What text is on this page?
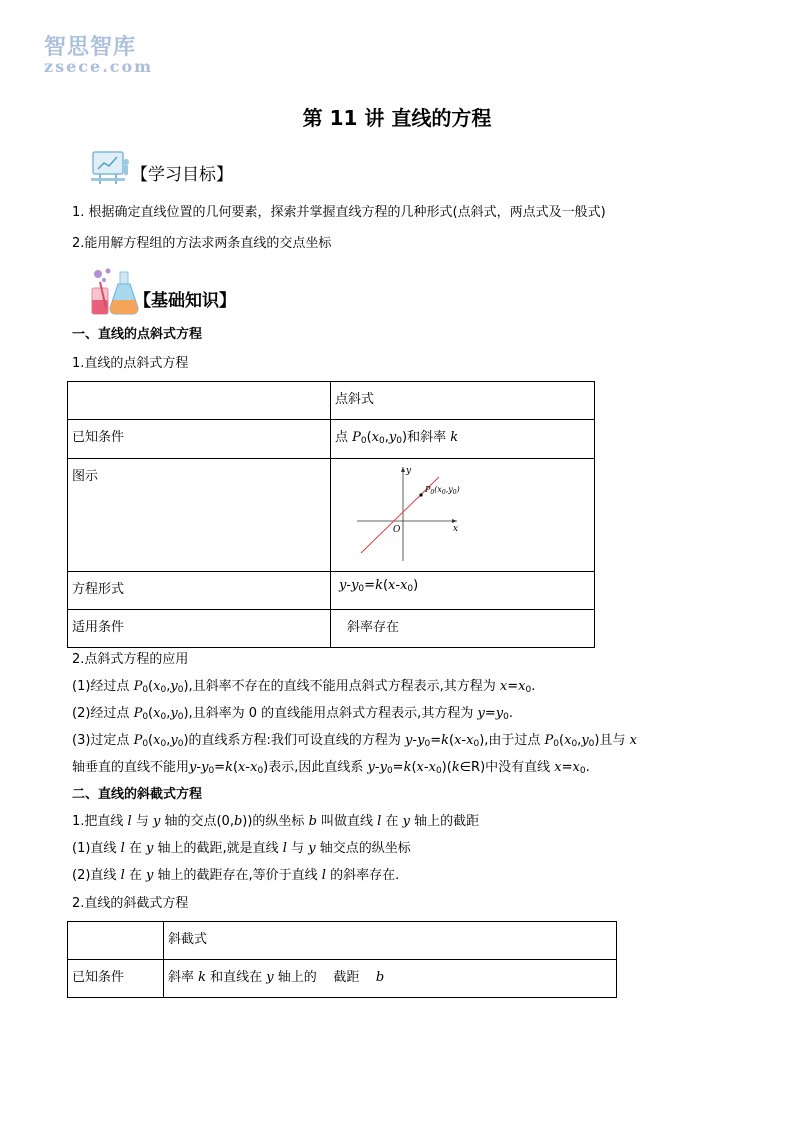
智思智库
zsece.com
第 11 讲 直线的方程
【学习目标】
1. 根据确定直线位置的几何要素，探索并掌握直线方程的几种形式(点斜式，两点式及一般式)
2.能用解方程组的方法求两条直线的交点坐标
【基础知识】
一、直线的点斜式方程
1.直线的点斜式方程
	点斜式
已知条件	点 $P_0(x_0,y_0)$和斜率 k
图示	y
x
O
$P_0(x_0,y_0)$

方程形式	$y-y_0=k(x-x_0)$
适用条件	斜率存在
2.点斜式方程的应用
(1)经过点 $P_0(x_0,y_0)$,且斜率不存在的直线不能用点斜式方程表示,其方程为 $x=x_0$.
(2)经过点 $P_0(x_0,y_0)$,且斜率为 0 的直线能用点斜式方程表示,其方程为 $y=y_0$.
(3)过定点 $P_0(x_0,y_0)$的直线系方程:我们可设直线的方程为 $y-y_0=k(x-x_0)$,由于过点 $P_0(x_0,y_0)$且与 x
轴垂直的直线不能用$y-y_0=k(x-x_0)$表示,因此直线系 $y-y_0=k(x-x_0)(k\in R)$中没有直线 $x=x_0$.
二、直线的斜截式方程
1.把直线 l 与 y 轴的交点(0,b))的纵坐标 b 叫做直线 l 在 y 轴上的截距
(1)直线 l 在 y 轴上的截距,就是直线 l 与 y 轴交点的纵坐标
(2)直线 l 在 y 轴上的截距存在,等价于直线 l 的斜率存在.
2.直线的斜截式方程
	斜截式
已知条件	斜率 k 和直线在 y 轴上的    截距    b
